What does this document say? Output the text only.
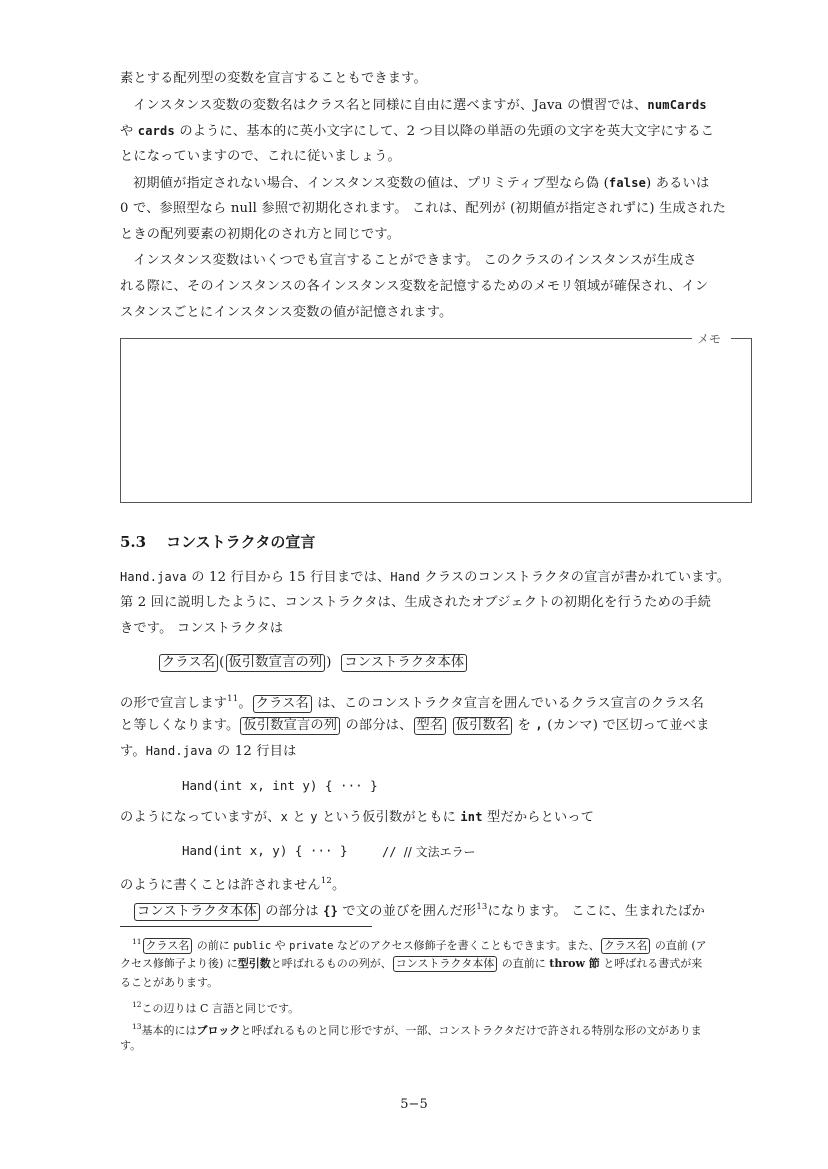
素とする配列型の変数を宣言することもできます。
インスタンス変数の変数名はクラス名と同様に自由に選べますが、Java の慣習では、numCards
や cards のように、基本的に英小文字にして、2 つ目以降の単語の先頭の文字を英大文字にするこ
とになっていますので、これに従いましょう。
初期値が指定されない場合、インスタンス変数の値は、プリミティブ型なら偽 (false) あるいは
0 で、参照型なら null 参照で初期化されます。 これは、配列が (初期値が指定されずに) 生成された
ときの配列要素の初期化のされ方と同じです。
インスタンス変数はいくつでも宣言することができます。 このクラスのインスタンスが生成さ
れる際に、そのインスタンスの各インスタンス変数を記憶するためのメモリ領域が確保され、イン
スタンスごとにインスタンス変数の値が記憶されます。
メモ
5.3 コンストラクタの宣言
Hand.java の 12 行目から 15 行目までは、Hand クラスのコンストラクタの宣言が書かれています。
第 2 回に説明したように、コンストラクタは、生成されたオブジェクトの初期化を行うための手続
きです。 コンストラクタは
クラス名 ( 仮引数宣言の列 ) コンストラクタ本体
の形で宣言します$^{11}$。 クラス名 は、このコンストラクタ宣言を囲んでいるクラス宣言のクラス名
と等しくなります。 仮引数宣言の列 の部分は、 型名 仮引数名 を , (カンマ) で区切って並べま
す。Hand.java の 12 行目は
Hand(int x, int y) { ··· }
のようになっていますが、x と y という仮引数がともに int 型だからといって
Hand(int x, y) { ··· }	// // 文法エラー
のように書くことは許されません$^{12}$。
コンストラクタ本体 の部分は {} で文の並びを囲んだ形$^{13}$になります。 ここに、生まれたばか
$^{11}$ クラス名 の前に public や private などのアクセス修飾子を書くこともできます。また、 クラス名 の直前 (ア
クセス修飾子より後) に型引数と呼ばれるものの列が、 コンストラクタ本体 の直前に throw 節 と呼ばれる書式が来
ることがあります。
$^{12}$この辺りは C 言語と同じです。
$^{13}$基本的にはブロックと呼ばれるものと同じ形ですが、一部、コンストラクタだけで許される特別な形の文がありま
す。
5−5
